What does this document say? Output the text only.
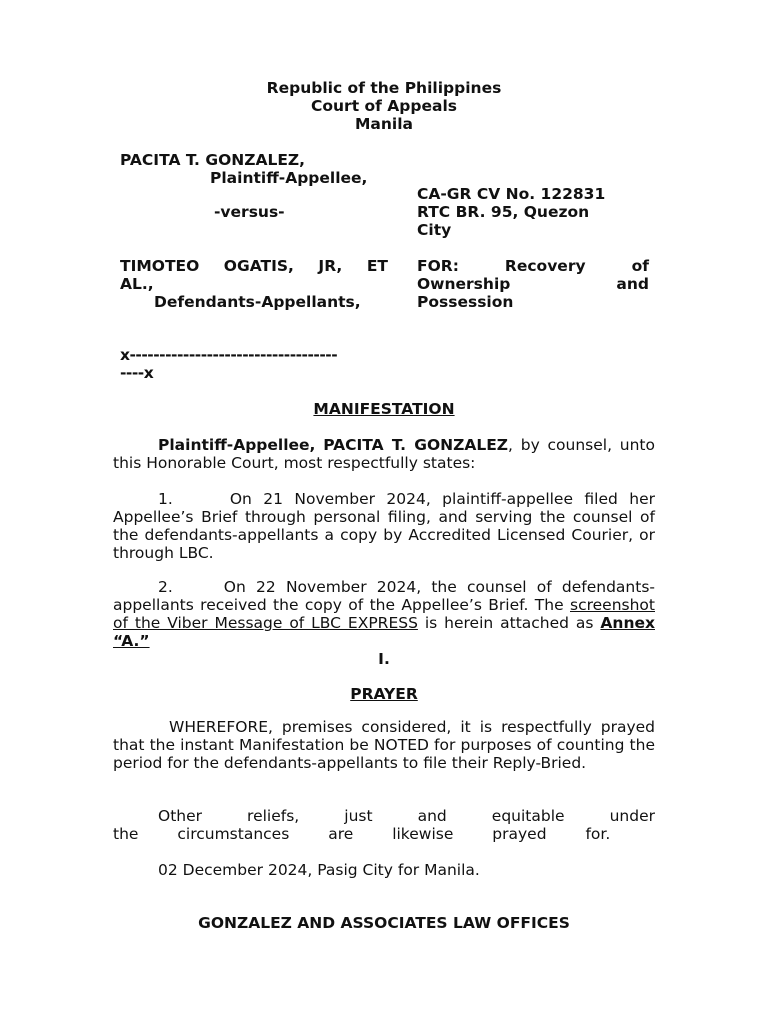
Republic of the Philippines
Court of Appeals
Manila
PACITA T. GONZALEZ,
Plaintiff-Appellee,
-versus-
TIMOTEO OGATIS, JR, ET
AL.,
Defendants-Appellants,
x-----------------------------------
----x
CA-GR CV No. 122831
RTC BR. 95, Quezon
City
FOR:	Recovery	of
Ownership	and
Possession
MANIFESTATION
Plaintiff-Appellee, PACITA T. GONZALEZ, by counsel, unto this Honorable Court, most respectfully states:
1.	On 21 November 2024, plaintiff-appellee filed her Appellee’s Brief through personal filing, and serving the counsel of the defendants-appellants a copy by Accredited Licensed Courier, or through LBC.
2.	On 22 November 2024, the counsel of defendants-appellants received the copy of the Appellee’s Brief. The screenshot of the Viber Message of LBC EXPRESS is herein attached as Annex “A.”
I.
PRAYER
WHEREFORE, premises considered, it is respectfully prayed that the instant Manifestation be NOTED for purposes of counting the period for the defendants-appellants to file their Reply-Bried.
Other reliefs, just and equitable under the circumstances are likewise prayed for.
02 December 2024, Pasig City for Manila.
GONZALEZ AND ASSOCIATES LAW OFFICES
